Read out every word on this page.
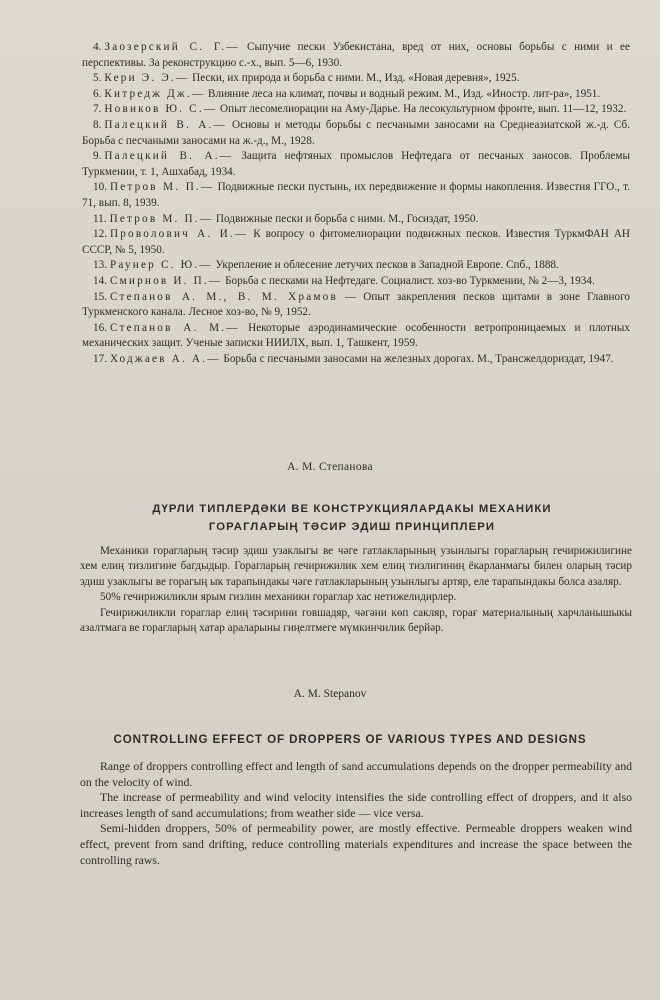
4. Заозерский С. Г.— Сыпучие пески Узбекистана, вред от них, основы борьбы с ними и ее перспективы. За реконструкцию с.-х., вып. 5—6, 1930.

5. Кери Э. Э.— Пески, их природа и борьба с ними. М., Изд. «Новая деревня», 1925.

6. Китредж Дж.— Влияние леса на климат, почвы и водный режим. М., Изд. «Иностр. лит-ра», 1951.

7. Новиков Ю. С.— Опыт лесомелиорации на Аму-Дарье. На лесокультурном фронте, вып. 11—12, 1932.

8. Палецкий В. А.— Основы и методы борьбы с песчаными заносами на Среднеазиатской ж.-д. Сб. Борьба с песчаными заносами на ж.-д., М., 1928.

9. Палецкий В. А.— Защита нефтяных промыслов Нефтедага от песчаных заносов. Проблемы Туркмении, т. 1, Ашхабад, 1934.

10. Петров М. П.— Подвижные пески пустынь, их передвижение и формы накопления. Известия ГГО., т. 71, вып. 8, 1939.

11. Петров М. П.— Подвижные пески и борьба с ними. М., Госиздат, 1950.

12. Проволович А. И.— К вопросу о фитомелиорации подвижных песков. Известия ТуркмФАН АН СССР, № 5, 1950.

13. Раунер С. Ю.— Укрепление и облесение летучих песков в Западной Европе. Спб., 1888.

14. Смирнов И. П.— Борьба с песками на Нефтедаге. Социалист. хоз-во Туркмении, № 2—3, 1934.

15. Степанов А. М., В. М. Храмов — Опыт закрепления песков щитами в зоне Главного Туркменского канала. Лесное хоз-во, № 9, 1952.

16. Степанов А. М.— Некоторые аэродинамические особенности ветропроницаемых и плотных механических защит. Ученые записки НИИЛХ, вып. 1, Ташкент, 1959.

17. Ходжаев А. А.— Борьба с песчаными заносами на железных дорогах. М., Трансжелдориздат, 1947.

А. М. Степанова
ДҮРЛИ ТИПЛЕРДӘКИ ВЕ КОНСТРУКЦИЯЛАРДАКЫ МЕХАНИКИ
ГОРАГЛАРЫҢ ТӘСИР ЭДИШ ПРИНЦИПЛЕРИ

Механики горагларың тәсир эдиш узаклыгы ве чәге гатлакларының узынлыгы горагларың гечирижилигине хем елиң тизлигине багдыдыр. Горагларың гечирижилик хем елиң тизлигиниң ёкарланмагы билен оларың тәсир эдиш узаклыгы ве горагың ык тарапындакы чәге гатлакларының узынлыгы артяр, еле тарапындакы болса азаляр.

50% гечирижиликли ярым гизлин механики гораглар хас нетижелидирлер.

Гечирижиликли гораглар елиң тәсирини говшадяр, чәгәни көп сакляр, горағ материалының харчланышыкы азалтмага ве горагларың хатар араларыны гиңелтмеге мүмкинчилик берйәр.

A. M. Stepanov
CONTROLLING EFFECT OF DROPPERS OF VARIOUS TYPES AND DESIGNS

Range of droppers controlling effect and length of sand accumulations depends on the dropper permeability and on the velocity of wind.

The increase of permeability and wind velocity intensifies the side controlling effect of droppers, and it also increases length of sand accumulations; from weather side — vice versa.

Semi-hidden droppers, 50% of permeability power, are mostly effective. Permeable droppers weaken wind effect, prevent from sand drifting, reduce controlling materials expenditures and increase the space between the controlling raws.
